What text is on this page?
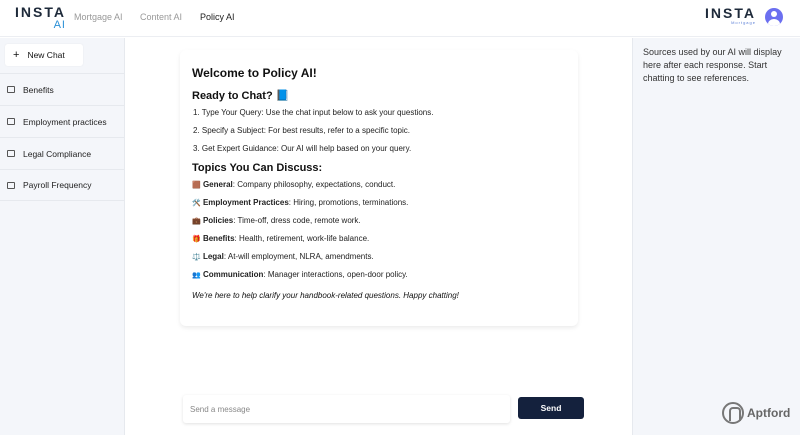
INSTA
AI
Mortgage AI Content AI Policy AI	INSTA
Mortgage
+ New Chat
Benefits
Employment practices
Legal Compliance
Payroll Frequency
Welcome to Policy AI!
Ready to Chat? 📘
1. Type Your Query: Use the chat input below to ask your questions.
2. Specify a Subject: For best results, refer to a specific topic.
3. Get Expert Guidance: Our AI will help based on your query.
Topics You Can Discuss:
🟫 General: Company philosophy, expectations, conduct.
🛠️ Employment Practices: Hiring, promotions, terminations.
💼 Policies: Time-off, dress code, remote work.
🎁 Benefits: Health, retirement, work-life balance.
⚖️ Legal: At-will employment, NLRA, amendments.
👥 Communication: Manager interactions, open-door policy.

We're here to help clarify your handbook-related questions. Happy chatting!

Send a message
Send
Sources used by our AI will display here after each response. Start chatting to see references.
Aptford
